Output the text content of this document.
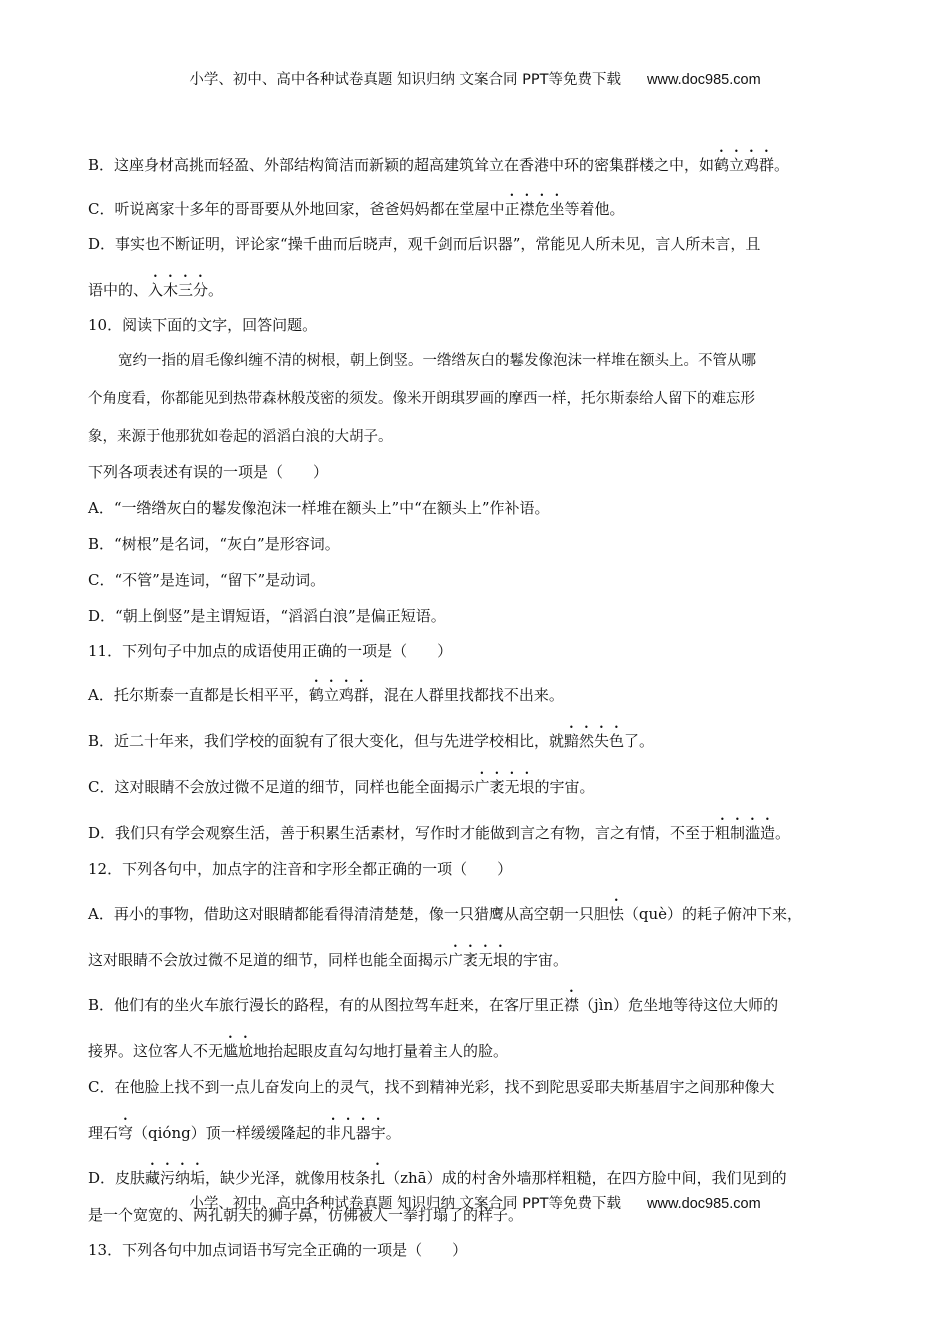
小学、初中、高中各种试卷真题 知识归纳 文案合同 PPT等免费下载 www.doc985.com

B．这座身材高挑而轻盈、外部结构简洁而新颖的超高建筑耸立在香港中环的密集群楼之中，如鹤立鸡群。

C．听说离家十多年的哥哥要从外地回家，爸爸妈妈都在堂屋中正襟危坐等着他。

D．事实也不断证明，评论家“操千曲而后晓声，观千剑而后识器”，常能见人所未见，言人所未言，且

语中的、入木三分。

10．阅读下面的文字，回答问题。

宽约一指的眉毛像纠缠不清的树根，朝上倒竖。一绺绺灰白的鬈发像泡沫一样堆在额头上。不管从哪

个角度看，你都能见到热带森林般茂密的须发。像米开朗琪罗画的摩西一样，托尔斯泰给人留下的难忘形

象，来源于他那犹如卷起的滔滔白浪的大胡子。

下列各项表述有误的一项是（　　）

A．“一绺绺灰白的鬈发像泡沫一样堆在额头上”中“在额头上”作补语。

B．“树根”是名词，“灰白”是形容词。

C．“不管”是连词，“留下”是动词。

D．“朝上倒竖”是主谓短语，“滔滔白浪”是偏正短语。

11．下列句子中加点的成语使用正确的一项是（　　）

A．托尔斯泰一直都是长相平平，鹤立鸡群，混在人群里找都找不出来。

B．近二十年来，我们学校的面貌有了很大变化，但与先进学校相比，就黯然失色了。

C．这对眼睛不会放过微不足道的细节，同样也能全面揭示广袤无垠的宇宙。

D．我们只有学会观察生活，善于积累生活素材，写作时才能做到言之有物，言之有情，不至于粗制滥造。

12．下列各句中，加点字的注音和字形全都正确的一项（　　）

A．再小的事物，借助这对眼睛都能看得清清楚楚，像一只猎鹰从高空朝一只胆怯（què）的耗子俯冲下来，

这对眼睛不会放过微不足道的细节，同样也能全面揭示广袤无垠的宇宙。

B．他们有的坐火车旅行漫长的路程，有的从图拉驾车赶来，在客厅里正襟（jìn）危坐地等待这位大师的

接界。这位客人不无尴尬地抬起眼皮直勾勾地打量着主人的脸。

C．在他脸上找不到一点儿奋发向上的灵气，找不到精神光彩，找不到陀思妥耶夫斯基眉宇之间那种像大

理石穹（qióng）顶一样缓缓隆起的非凡器宇。

D．皮肤藏污纳垢，缺少光泽，就像用枝条扎（zhā）成的村舍外墙那样粗糙，在四方脸中间，我们见到的

是一个宽宽的、两孔朝天的狮子鼻，仿佛被人一拳打塌了的样子。

13．下列各句中加点词语书写完全正确的一项是（　　）

小学、初中、高中各种试卷真题 知识归纳 文案合同 PPT等免费下载 www.doc985.com
